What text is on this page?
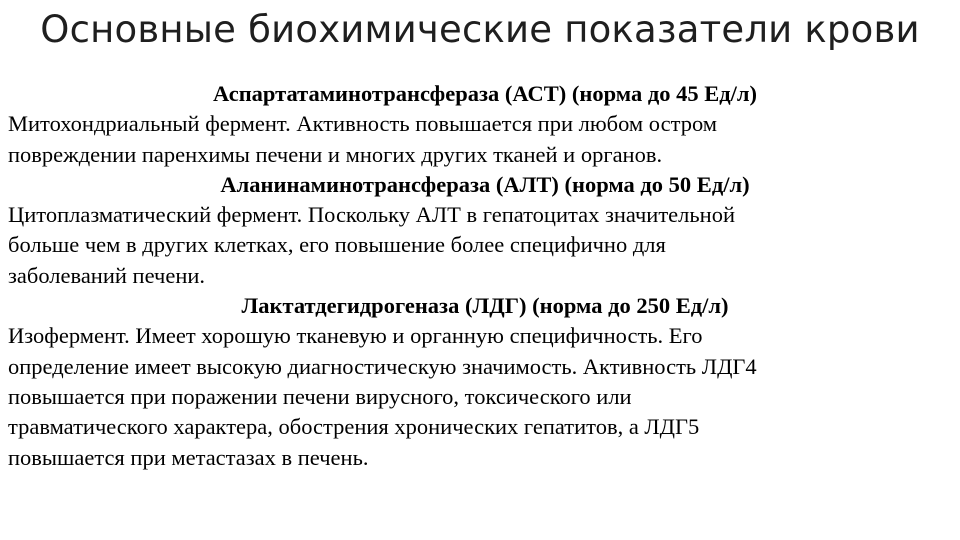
Основные биохимические показатели крови
Аспартатаминотрансфераза (АСТ) (норма до 45 Ед/л)
Митохондриальный фермент. Активность повышается при любом остром
повреждении паренхимы печени и многих других тканей и органов.
Аланинаминотрансфераза (АЛТ) (норма до 50 Ед/л)
Цитоплазматический фермент. Поскольку АЛТ в гепатоцитах значительной
больше чем в других клетках, его повышение более специфично для
заболеваний печени.
Лактатдегидрогеназа (ЛДГ) (норма до 250 Ед/л)
Изофермент. Имеет хорошую тканевую и органную специфичность. Его
определение имеет высокую диагностическую значимость. Активность ЛДГ4
повышается при поражении печени вирусного, токсического или
травматического характера, обострения хронических гепатитов, а ЛДГ5
повышается при метастазах в печень.
